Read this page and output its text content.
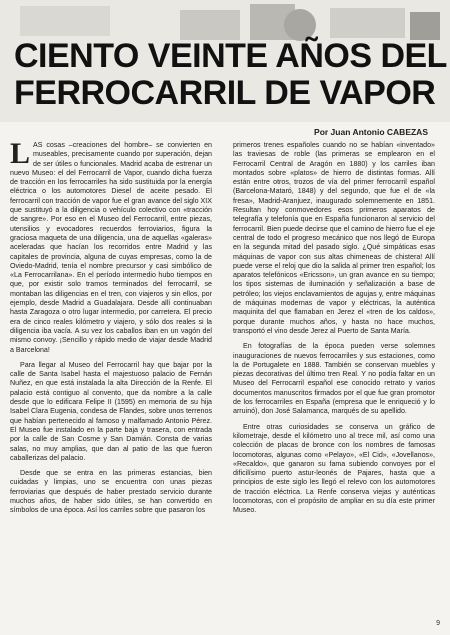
CIENTO VEINTE AÑOS DEL
FERROCARRIL DE VAPOR
Por Juan Antonio CABEZAS

LAS cosas –creaciones del hombre– se convierten en museables, precisamente cuando por superación, dejan de ser útiles o funcionales. Madrid acaba de estrenar un nuevo Museo: el del Ferrocarril de Vapor, cuando dicha fuerza de tracción en los ferrocarriles ha sido sustituida por la energía eléctrica o los automotores Diesel de aceite pesado. El ferrocarril con tracción de vapor fue el gran avance del siglo XIX que sustituyó a la diligencia o vehículo colectivo con «tracción de sangre». Por eso en el Museo del Ferrocarril, entre piezas, utensilios y evocadores recuerdos ferroviarios, figura la graciosa maqueta de una diligencia, una de aquellas «galeras» aceleradas que hacían los recorridos entre Madrid y las capitales de provincia, alguna de cuyas empresas, como la de Oviedo-Madrid, tenía el nombre precursor y casi simbólico de «La Ferrocarrilana». En el período intermedio hubo tiempos en que, por existir solo tramos terminados del ferrocarril, se montaban las diligencias en el tren, con viajeros y sin ellos, por ejemplo, desde Madrid a Guadalajara. Desde allí continuaban hasta Zaragoza o otro lugar intermedio, por carretera. El precio era de cinco reales kilómetro y viajero, y sólo dos reales si la diligencia iba vacía. A su vez los caballos iban en un vagón del mismo convoy. ¡Sencillo y rápido medio de viajar desde Madrid a Barcelona!

Para llegar al Museo del Ferrocarril hay que bajar por la calle de Santa Isabel hasta el majestuoso palacio de Fernán Nuñez, en que está instalada la alta Dirección de la Renfe. El palacio está contiguo al convento, que da nombre a la calle desde que lo edificara Felipe II (1595) en memoria de su hija Isabel Clara Eugenia, condesa de Flandes, sobre unos terrenos que habían pertenecido al famoso y malfamado Antonio Pérez. El Museo fue instalado en la parte baja y trasera, con entrada por la calle de San Cosme y San Damián. Consta de varias salas, no muy amplias, que dan al patio de las que fueron caballerizas del palacio.

Desde que se entra en las primeras estancias, bien cuidadas y limpias, uno se encuentra con unas piezas ferroviarias que después de haber prestado servicio durante muchos años, de haber sido útiles, se han convertido en símbolos de una época. Así los carriles sobre que pasaron los

primeros trenes españoles cuando no se habían «inventado» las traviesas de roble (las primeras se emplearon en el Ferrocarril Central de Aragón en 1880) y los carriles iban montados sobre «platos» de hierro de distintas formas. Allí están entre otros, trozos de vía del primer ferrocarril español (Barcelona-Mataró, 1848) y del segundo, que fue el de «la fresa», Madrid-Aranjuez, inaugurado solemnemente en 1851. Resultan hoy conmovedores esos primeros aparatos de telegrafía y telefonía que en España funcionaron al servicio del ferrocarril. Bien puede decirse que el camino de hierro fue el eje central de todo el progreso mecánico que nos llegó de Europa en la segunda mitad del pasado siglo. ¿Qué simpáticas esas máquinas de vapor con sus altas chimeneas de chistera! Allí puede verse el reloj que dio la salida al primer tren español; los aparatos telefónicos «Ericsson», un gran avance en su tiempo; los tipos sistemas de iluminación y señalización a base de petróleo; los viejos enclavamientos de agujas y, entre máquinas de máquinas modernas de vapor y eléctricas, la auténtica maquinita del que flamaban en Jerez el «tren de los caldos», porque durante muchos años, y hasta no hace muchos, transportó el vino desde Jerez al Puerto de Santa María.

En fotografías de la época pueden verse solemnes inauguraciones de nuevos ferrocarriles y sus estaciones, como la de Portugalete en 1888. También se conservan muebles y piezas decorativas del último tren Real. Y no podía faltar en un Museo del Ferrocarril español ese conocido retrato y varios documentos manuscritos firmados por el que fue gran promotor de los ferrocarriles en España (empresa que le enriqueció y lo arruinó), don José Salamanca, marqués de su apellido.

Entre otras curiosidades se conserva un gráfico de kilometraje, desde el kilómetro uno al trece mil, así como una colección de placas de bronce con los nombres de famosas locomotoras, algunas como «Pelayo», «El Cid», «Jovellanos», «Recaldo», que ganaron su fama subiendo convoyes por el dificilísimo puerto astur-leonés de Pajares, hasta que a principios de este siglo les llegó el relevo con los automotores de tracción eléctrica. La Renfe conserva viejas y auténticas locomotoras, con el propósito de ampliar en su día este primer Museo.

9
